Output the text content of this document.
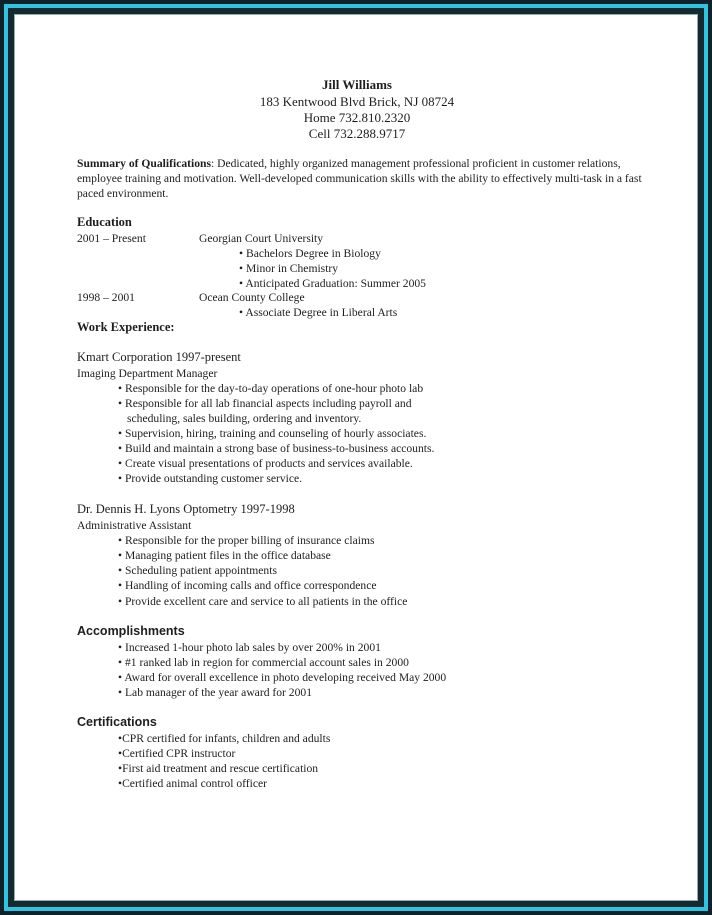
Jill Williams
183 Kentwood Blvd Brick, NJ 08724
Home 732.810.2320
Cell 732.288.9717
Summary of Qualifications: Dedicated, highly organized management professional proficient in customer relations, employee training and motivation. Well-developed communication skills with the ability to effectively multi-task in a fast paced environment.
Education
2001 – Present	Georgian Court University
• Bachelors Degree in Biology
• Minor in Chemistry
• Anticipated Graduation: Summer 2005
1998 – 2001	Ocean County College
• Associate Degree in Liberal Arts
Work Experience:
Kmart Corporation 1997-present
Imaging Department Manager
• Responsible for the day-to-day operations of one-hour photo lab
• Responsible for all lab financial aspects including payroll and
scheduling, sales building, ordering and inventory.
• Supervision, hiring, training and counseling of hourly associates.
• Build and maintain a strong base of business-to-business accounts.
• Create visual presentations of products and services available.
• Provide outstanding customer service.
Dr. Dennis H. Lyons Optometry 1997-1998
Administrative Assistant
• Responsible for the proper billing of insurance claims
• Managing patient files in the office database
• Scheduling patient appointments
• Handling of incoming calls and office correspondence
• Provide excellent care and service to all patients in the office
Accomplishments
• Increased 1-hour photo lab sales by over 200% in 2001
• #1 ranked lab in region for commercial account sales in 2000
• Award for overall excellence in photo developing received May 2000
• Lab manager of the year award for 2001
Certifications
• CPR certified for infants, children and adults
• Certified CPR instructor
• First aid treatment and rescue certification
• Certified animal control officer
